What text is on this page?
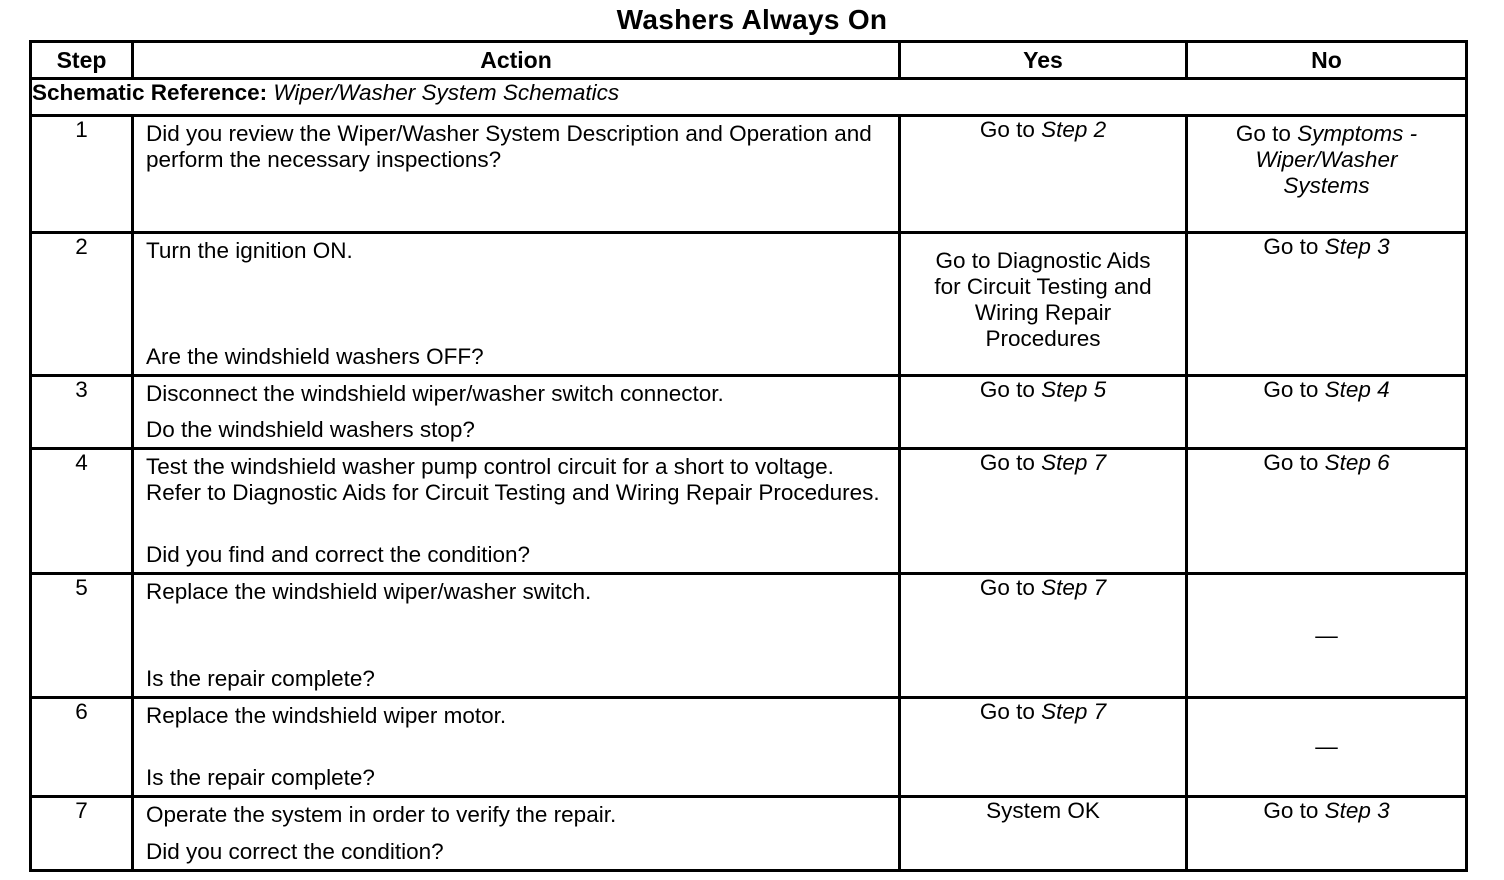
Washers Always On
Step	Action	Yes	No
Schematic Reference: Wiper/Washer System Schematics			
1	Did you review the Wiper/Washer System Description and Operation and perform the necessary inspections?	Go to Step 2	Go to Symptoms - Wiper/Washer Systems
2	Turn the ignition ON.

Are the windshield washers OFF?	Go to Diagnostic Aids for Circuit Testing and Wiring Repair Procedures	Go to Step 3
3	Disconnect the windshield wiper/washer switch connector.

Do the windshield washers stop?	Go to Step 5	Go to Step 4
4	Test the windshield washer pump control circuit for a short to voltage. Refer to Diagnostic Aids for Circuit Testing and Wiring Repair Procedures.

Did you find and correct the condition?	Go to Step 7	Go to Step 6
5	Replace the windshield wiper/washer switch.

Is the repair complete?	Go to Step 7	—
6	Replace the windshield wiper motor.

Is the repair complete?	Go to Step 7	—
7	Operate the system in order to verify the repair.

Did you correct the condition?	System OK	Go to Step 3
